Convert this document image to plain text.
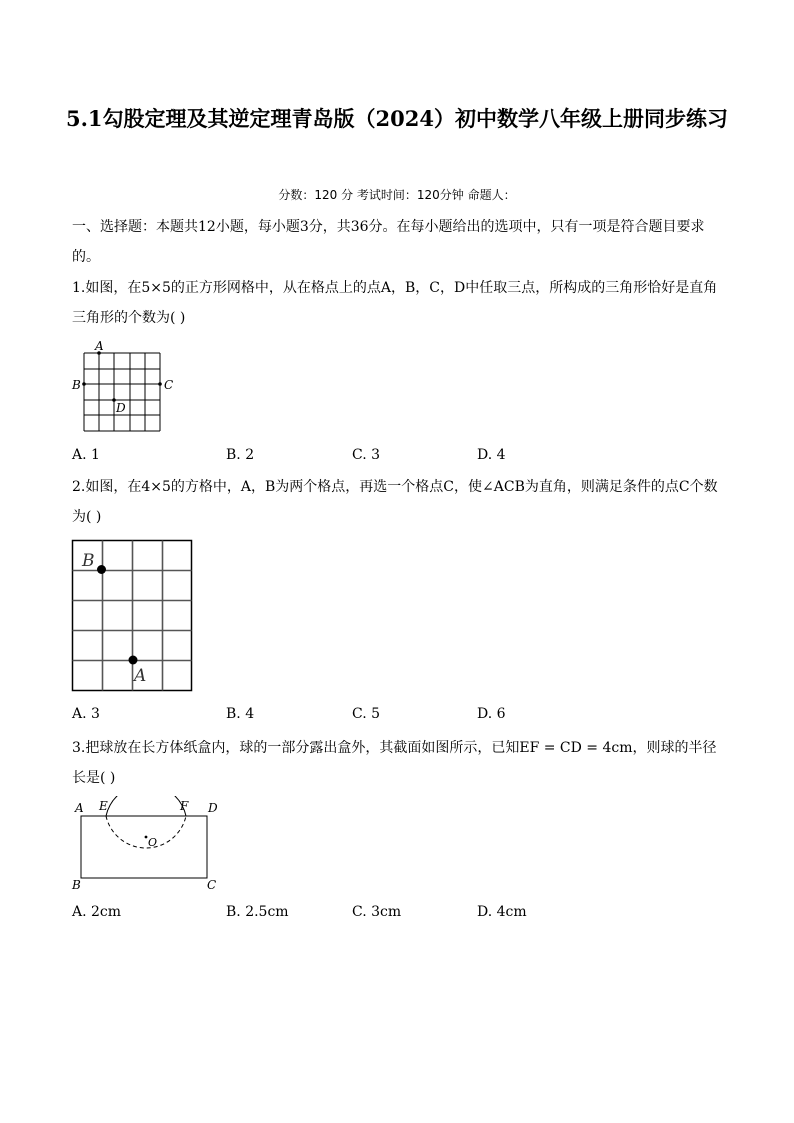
5.1勾股定理及其逆定理青岛版（2024）初中数学八年级上册同步练习
分数：120 分 考试时间：120分钟 命题人：
一、选择题：本题共12小题，每小题3分，共36分。在每小题给出的选项中，只有一项是符合题目要求的。
1.如图，在5×5的正方形网格中，从在格点上的点A，B，C，D中任取三点，所构成的三角形恰好是直角三角形的个数为( )
A
B	C
D
A. 1	B. 2	C. 3	D. 4
2.如图，在4×5的方格中，A，B为两个格点，再选一个格点C，使∠ACB为直角，则满足条件的点C个数为( )
B
A
A. 3	B. 4	C. 5	D. 6
3.把球放在长方体纸盒内，球的一部分露出盒外，其截面如图所示，已知EF = CD = 4cm，则球的半径长是( )
A E	F D
O
B	C
A. 2cm	B. 2.5cm	C. 3cm	D. 4cm
